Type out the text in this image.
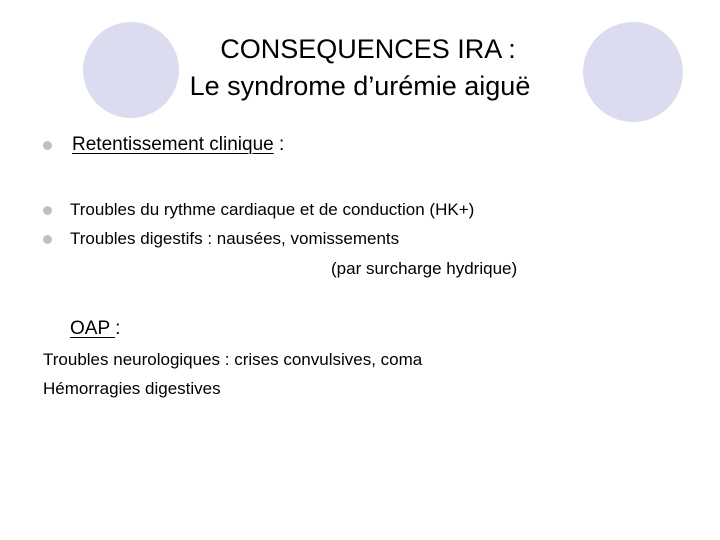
CONSEQUENCES IRA :
Le syndrome d’urémie aiguë
Retentissement clinique :
Troubles du rythme cardiaque et de conduction (HK+)
Troubles digestifs : nausées, vomissements
(par surcharge hydrique)
OAP :
Troubles neurologiques : crises convulsives, coma
Hémorragies digestives
